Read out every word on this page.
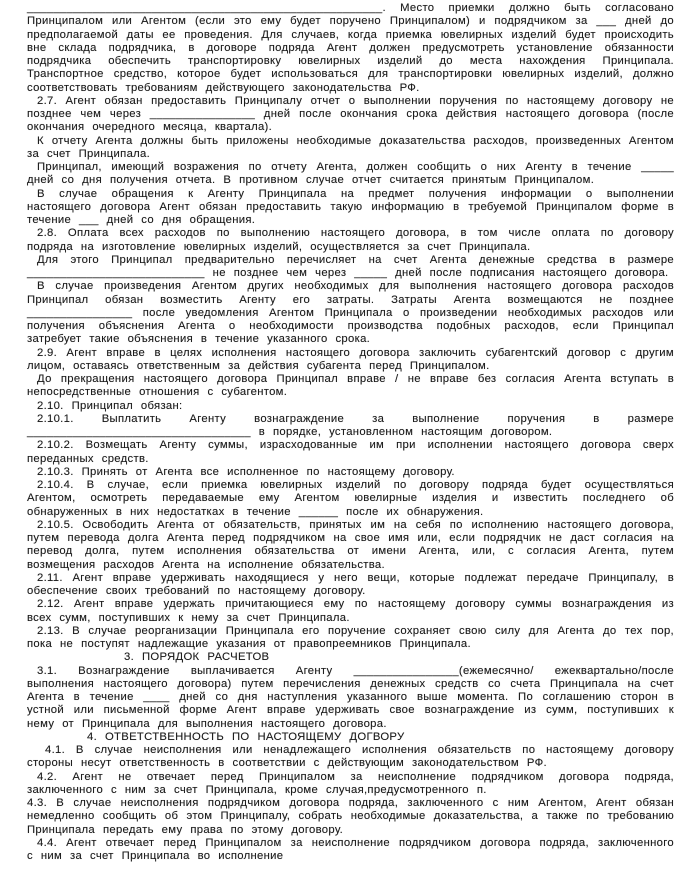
______________________________________________________. Место приемки должно быть согласовано Принципалом или Агентом (если это ему будет поручено Принципалом) и подрядчиком за ___ дней до предполагаемой даты ее проведения. Для случаев, когда приемка ювелирных изделий будет происходить вне склада подрядчика, в договоре подряда Агент должен предусмотреть установление обязанности подрядчика обеспечить транспортировку ювелирных изделий до места нахождения Принципала. Транспортное средство, которое будет использоваться для транспортировки ювелирных изделий, должно соответствовать требованиям действующего законодательства РФ.

2.7. Агент обязан предоставить Принципалу отчет о выполнении поручения по настоящему договору не позднее чем через ________________ дней после окончания срока действия настоящего договора (после окончания очередного месяца, квартала).

К отчету Агента должны быть приложены необходимые доказательства расходов, произведенных Агентом за счет Принципала.

Принципал, имеющий возражения по отчету Агента, должен сообщить о них Агенту в течение _____ дней со дня получения отчета. В противном случае отчет считается принятым Принципалом.

В случае обращения к Агенту Принципала на предмет получения информации о выполнении настоящего договора Агент обязан предоставить такую информацию в требуемой Принципалом форме в течение ___ дней со дня обращения.

2.8. Оплата всех расходов по выполнению настоящего договора, в том числе оплата по договору подряда на изготовление ювелирных изделий, осуществляется за счет Принципала.

Для этого Принципал предварительно перечисляет на счет Агента денежные средства в размере ___________________________ не позднее чем через _____ дней после подписания настоящего договора.

В случае произведения Агентом других необходимых для выполнения настоящего договора расходов Принципал обязан возместить Агенту его затраты. Затраты Агента возмещаются не позднее ________________ после уведомления Агентом Принципала о произведении необходимых расходов или получения объяснения Агента о необходимости производства подобных расходов, если Принципал затребует такие объяснения в течение указанного срока.

2.9. Агент вправе в целях исполнения настоящего договора заключить субагентский договор с другим лицом, оставаясь ответственным за действия субагента перед Принципалом.

До прекращения настоящего договора Принципал вправе / не вправе без согласия Агента вступать в непосредственные отношения с субагентом.

2.10. Принципал обязан:

2.10.1. Выплатить Агенту вознаграждение за выполнение поручения в размере __________________________________ в порядке, установленном настоящим договором.

2.10.2. Возмещать Агенту суммы, израсходованные им при исполнении настоящего договора сверх переданных средств.

2.10.3. Принять от Агента все исполненное по настоящему договору.

2.10.4. В случае, если приемка ювелирных изделий по договору подряда будет осуществляться Агентом, осмотреть передаваемые ему Агентом ювелирные изделия и известить последнего об обнаруженных в них недостатках в течение ______ после их обнаружения.

2.10.5. Освободить Агента от обязательств, принятых им на себя по исполнению настоящего договора, путем перевода долга Агента перед подрядчиком на свое имя или, если подрядчик не даст согласия на перевод долга, путем исполнения обязательства от имени Агента, или, с согласия Агента, путем возмещения расходов Агента на исполнение обязательства.

2.11. Агент вправе удерживать находящиеся у него вещи, которые подлежат передаче Принципалу, в обеспечение своих требований по настоящему договору.

2.12. Агент вправе удержать причитающиеся ему по настоящему договору суммы вознаграждения из всех сумм, поступивших к нему за счет Принципала.

2.13. В случае реорганизации Принципала его поручение сохраняет свою силу для Агента до тех пор, пока не поступят надлежащие указания от правопреемников Принципала.

3. ПОРЯДОК РАСЧЕТОВ

3.1. Вознаграждение выплачивается Агенту ________________(ежемесячно/ ежеквартально/после выполнения настоящего договора) путем перечисления денежных средств со счета Принципала на счет Агента в течение ____ дней со дня наступления указанного выше момента. По соглашению сторон в устной или письменной форме Агент вправе удерживать свое вознаграждение из сумм, поступивших к нему от Принципала для выполнения настоящего договора.

4. ОТВЕТСТВЕННОСТЬ ПО НАСТОЯЩЕМУ ДОГВОРУ

4.1. В случае неисполнения или ненадлежащего исполнения обязательств по настоящему договору стороны несут ответственность в соответствии с действующим законодательством РФ.

4.2. Агент не отвечает перед Принципалом за неисполнение подрядчиком договора подряда, заключенного с ним за счет Принципала, кроме случая,предусмотренного п.

4.3. В случае неисполнения подрядчиком договора подряда, заключенного с ним Агентом, Агент обязан немедленно сообщить об этом Принципалу, собрать необходимые доказательства, а также по требованию Принципала передать ему права по этому договору.

4.4. Агент отвечает перед Принципалом за неисполнение подрядчиком договора подряда, заключенного с ним за счет Принципала во исполнение
